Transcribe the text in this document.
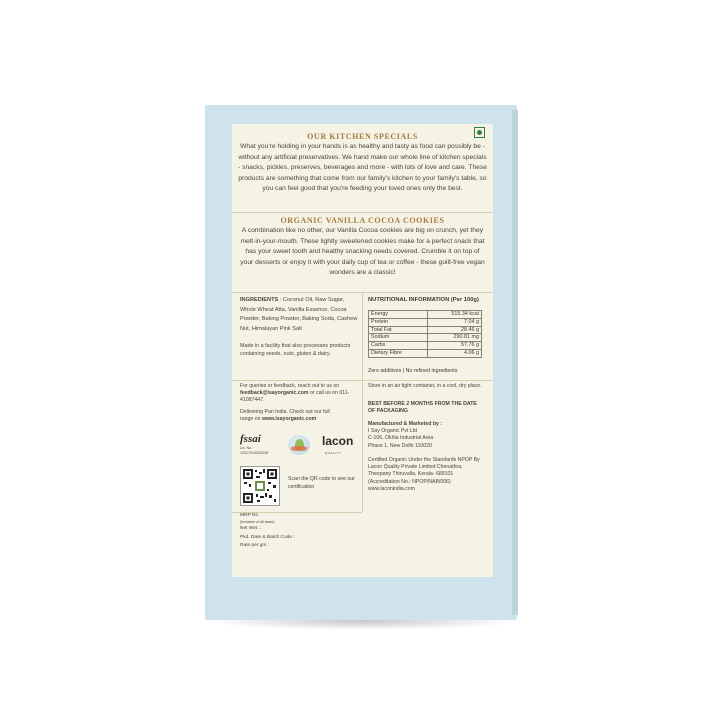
OUR KITCHEN SPECIALS
What you're holding in your hands is as healthy and tasty as food can possibly be - without any artificial preservatives. We hand make our whole line of kitchen specials - snacks, pickles, preserves, beverages and more - with lots of love and care. These products are something that come from our family's kitchen to your family's table, so you can feel good that you're feeding your loved ones only the best.
ORGANIC VANILLA COCOA COOKIES
A combination like no other, our Vanilla Cocoa cookies are big on crunch, yet they melt-in-your-mouth. These lightly sweetened cookies make for a perfect snack that has your sweet tooth and healthy snacking needs covered. Crumble it on top of your desserts or enjoy it with your daily cup of tea or coffee - these guilt-free vegan wonders are a classic!
INGREDIENTS : Coconut Oil, Raw Sugar, Whole Wheat Atta, Vanilla Essence, Cocoa Powder, Baking Powder, Baking Soda, Cashew Nut, Himalayan Pink Salt
Made in a facility that also processes products containing seeds, nuts, gluten & dairy.
NUTRITIONAL INFORMATION (Per 100g)
Energy	515.34 kcal
Protein	7.04 g
Total Fat	28.46 g
Sodium	290.81 mg
Carbs	57.76 g
Dietary Fibre	4.06 g
Zero additives | No refined ingredients
For queries or feedback, reach out to us on feedback@isayorganic.com or call us on 011-41087447.
Delivering Pan India. Check out our full range on www.isayorganic.com
fssai
Lic. No.
13317010000238
lacon
QUALITY
Scan the QR code to see our certification
Store in an air tight container, in a cool, dry place.
BEST BEFORE 2 MONTHS FROM THE DATE OF PACKAGING
Manufactured & Marketed by :
I Say Organic Pvt Ltd
C-106, Okhla Industrial Area
Phase 1, New Delhi 110020
Certified Organic Under the Standards NPOP By Lacon Quality Private Limited Chenathra, Theepany Thiruvalla, Kerala- 689101 (Accreditation No.: NPOP/NAB/006)
www.laconindia.com
MRP Rs.
(Inclusive of all taxes)
Net Wet. :
Pkd. Date & Batch Code :
Rate per gm :
